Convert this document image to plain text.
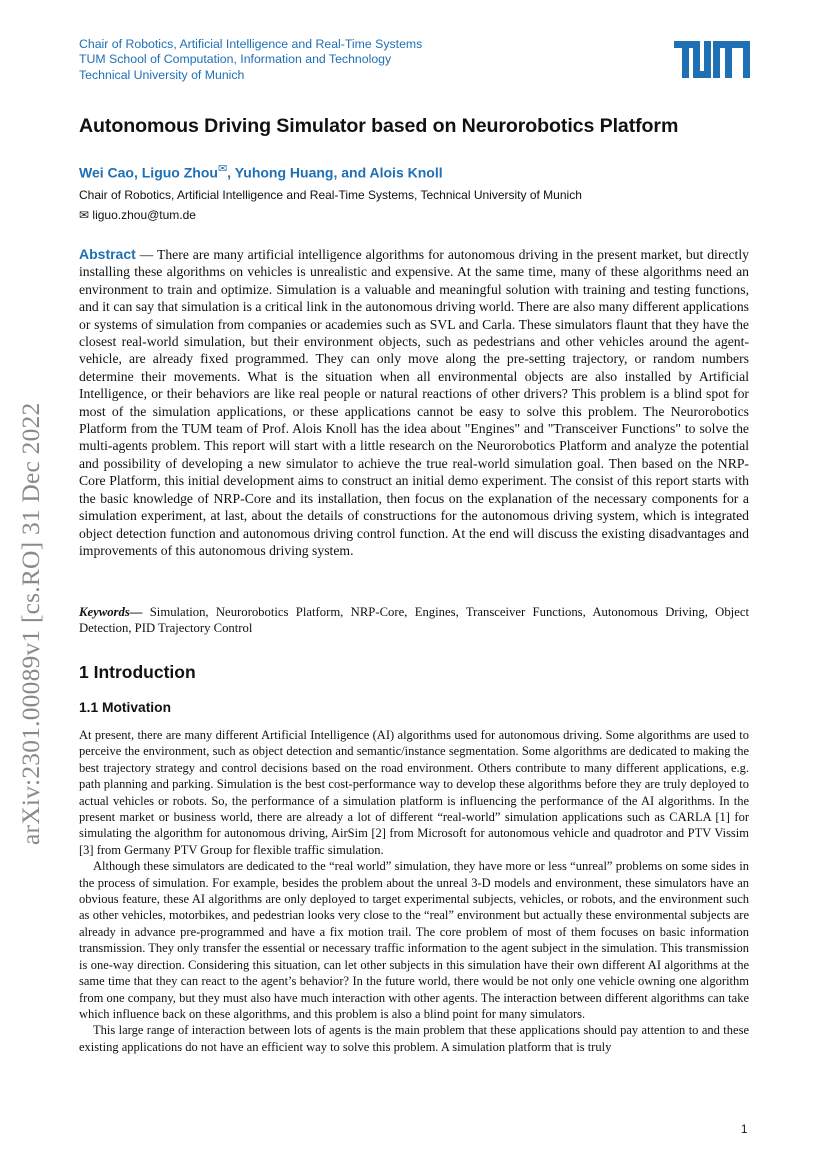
Chair of Robotics, Artificial Intelligence and Real-Time Systems
TUM School of Computation, Information and Technology
Technical University of Munich
Autonomous Driving Simulator based on Neurorobotics Platform
Wei Cao, Liguo Zhou✉, Yuhong Huang, and Alois Knoll
Chair of Robotics, Artificial Intelligence and Real-Time Systems, Technical University of Munich
✉ liguo.zhou@tum.de

Abstract — There are many artificial intelligence algorithms for autonomous driving in the present market, but directly installing these algorithms on vehicles is unrealistic and expensive. At the same time, many of these algorithms need an environment to train and optimize. Simulation is a valuable and meaningful solution with training and testing functions, and it can say that simulation is a critical link in the autonomous driving world. There are also many different applications or systems of simulation from companies or academies such as SVL and Carla. These simulators flaunt that they have the closest real-world simulation, but their environment objects, such as pedestrians and other vehicles around the agent-vehicle, are already fixed programmed. They can only move along the pre-setting trajectory, or random numbers determine their movements. What is the situation when all environmental objects are also installed by Artificial Intelligence, or their behaviors are like real people or natural reactions of other drivers? This problem is a blind spot for most of the simulation applications, or these applications cannot be easy to solve this problem. The Neurorobotics Platform from the TUM team of Prof. Alois Knoll has the idea about "Engines" and "Transceiver Functions" to solve the multi-agents problem. This report will start with a little research on the Neurorobotics Platform and analyze the potential and possibility of developing a new simulator to achieve the true real-world simulation goal. Then based on the NRP-Core Platform, this initial development aims to construct an initial demo experiment. The consist of this report starts with the basic knowledge of NRP-Core and its installation, then focus on the explanation of the necessary components for a simulation experiment, at last, about the details of constructions for the autonomous driving system, which is integrated object detection function and autonomous driving control function. At the end will discuss the existing disadvantages and improvements of this autonomous driving system.

Keywords— Simulation, Neurorobotics Platform, NRP-Core, Engines, Transceiver Functions, Autonomous Driving, Object Detection, PID Trajectory Control

1 Introduction
1.1 Motivation

At present, there are many different Artificial Intelligence (AI) algorithms used for autonomous driving. Some algorithms are used to perceive the environment, such as object detection and semantic/instance segmentation. Some algorithms are dedicated to making the best trajectory strategy and control decisions based on the road environment. Others contribute to many different applications, e.g. path planning and parking. Simulation is the best cost-performance way to develop these algorithms before they are truly deployed to actual vehicles or robots. So, the performance of a simulation platform is influencing the performance of the AI algorithms. In the present market or business world, there are already a lot of different “real-world” simulation applications such as CARLA [1] for simulating the algorithm for autonomous driving, AirSim [2] from Microsoft for autonomous vehicle and quadrotor and PTV Vissim [3] from Germany PTV Group for flexible traffic simulation.

Although these simulators are dedicated to the “real world” simulation, they have more or less “unreal” problems on some sides in the process of simulation. For example, besides the problem about the unreal 3-D models and environment, these simulators have an obvious feature, these AI algorithms are only deployed to target experimental subjects, vehicles, or robots, and the environment such as other vehicles, motorbikes, and pedestrian looks very close to the “real” environment but actually these environmental subjects are already in advance pre-programmed and have a fix motion trail. The core problem of most of them focuses on basic information transmission. They only transfer the essential or necessary traffic information to the agent subject in the simulation. This transmission is one-way direction. Considering this situation, can let other subjects in this simulation have their own different AI algorithms at the same time that they can react to the agent’s behavior? In the future world, there would be not only one vehicle owning one algorithm from one company, but they must also have much interaction with other agents. The interaction between different algorithms can take which influence back on these algorithms, and this problem is also a blind point for many simulators.

This large range of interaction between lots of agents is the main problem that these applications should pay attention to and these existing applications do not have an efficient way to solve this problem. A simulation platform that is truly

arXiv:2301.00089v1 [cs.RO] 31 Dec 2022
1
